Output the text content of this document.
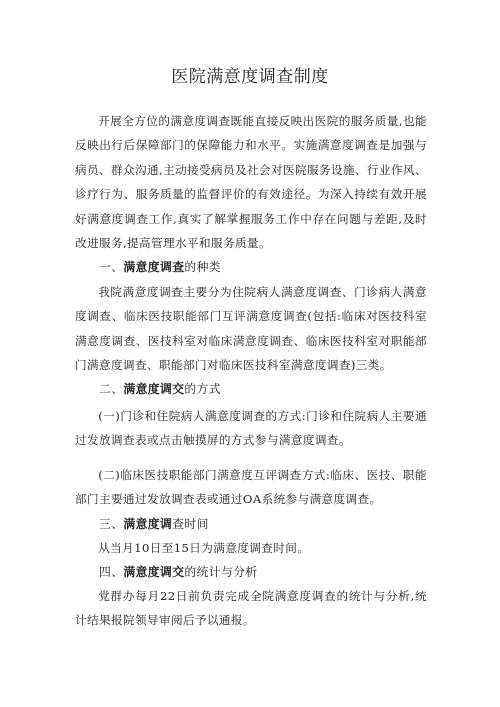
医院满意度调查制度

开展全方位的满意度调查既能直接反映出医院的服务质量,也能反映出行后保障部门的保障能力和水平。实施满意度调查是加强与病员、群众沟通,主动接受病员及社会对医院服务设施、行业作风、诊疗行为、服务质量的监督评价的有效途径。为深入持续有效开展好满意度调查工作,真实了解掌握服务工作中存在问题与差距,及时改进服务,提高管理水平和服务质量。

一、满意度调查的种类

我院满意度调查主要分为住院病人满意度调查、门诊病人满意度调查、临床医技职能部门互评满意度调查(包括:临床对医技科室满意度调查、医技科室对临床满意度调查、临床医技科室对职能部门满意度调查、职能部门对临床医技科室满意度调查)三类。

二、满意度调交的方式

(一)门诊和住院病人满意度调查的方式:门诊和住院病人主要通过发放调查表或点击触摸屏的方式参与满意度调查。

(二)临床医技职能部门满意度互评调查方式:临床、医技、职能部门主要通过发放调查表或通过OA系统参与满意度调查。

三、满意度调查时间

从当月10日至15日为满意度调查时间。

四、满意度调交的统计与分析

党群办每月22日前负责完成全院满意度调查的统计与分析,统计结果报院领导审阅后予以通报。
